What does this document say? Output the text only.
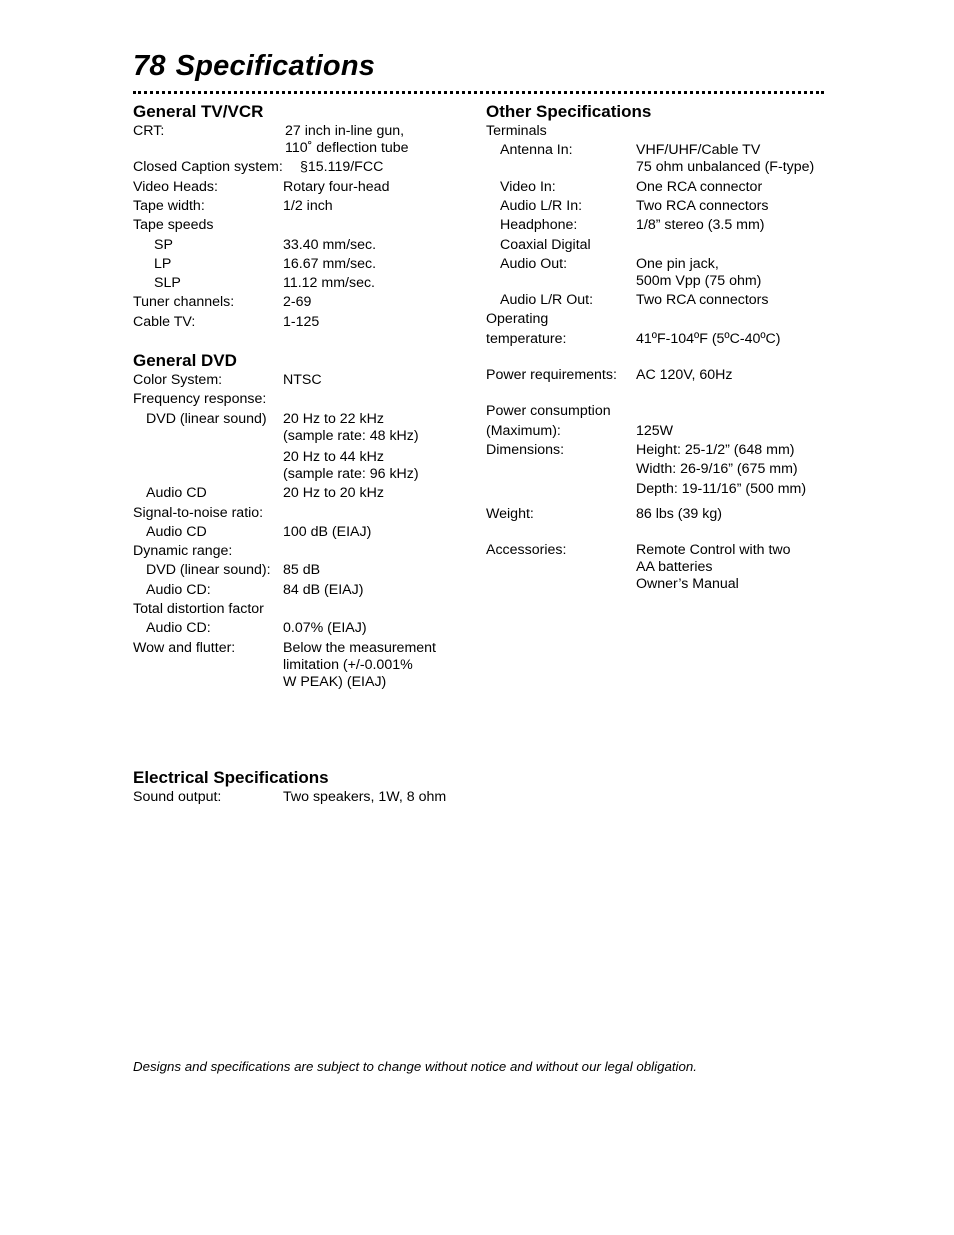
78 Specifications
General TV/VCR
CRT:	27 inch in-line gun,
110˚ deflection tube
Closed Caption system: §15.119/FCC
Video Heads:	Rotary four-head
Tape width:	1/2 inch
Tape speeds
SP	33.40 mm/sec.
LP	16.67 mm/sec.
SLP	11.12 mm/sec.
Tuner channels:	2-69
Cable TV:	1-125
General DVD
Color System:	NTSC
Frequency response:
DVD (linear sound) 20 Hz to 22 kHz
(sample rate: 48 kHz)
20 Hz to 44 kHz
(sample rate: 96 kHz)
Audio CD	20 Hz to 20 kHz
Signal-to-noise ratio:
Audio CD	100 dB (EIAJ)
Dynamic range:
DVD (linear sound): 85 dB
Audio CD:	84 dB (EIAJ)
Total distortion factor
Audio CD:	0.07% (EIAJ)
Wow and flutter:	Below the measurement
limitation (+/-0.001%
W PEAK) (EIAJ)
Electrical Specifications
Sound output:	Two speakers, 1W, 8 ohm
Other Specifications
Terminals
Antenna In:	VHF/UHF/Cable TV
75 ohm unbalanced (F-type)
Video In:	One RCA connector
Audio L/R In:	Two RCA connectors
Headphone:	1/8” stereo (3.5 mm)
Coaxial Digital
Audio Out:	One pin jack,
500m Vpp (75 ohm)
Audio L/R Out:	Two RCA connectors
Operating
temperature:	41ºF-104ºF (5ºC-40ºC)
Power requirements: AC 120V, 60Hz
Power consumption
(Maximum):	125W
Dimensions:	Height: 25-1/2” (648 mm)
Width: 26-9/16” (675 mm)
Depth: 19-11/16” (500 mm)
Weight:	86 lbs (39 kg)
Accessories:	Remote Control with two
AA batteries
Owner’s Manual
Designs and specifications are subject to change without notice and without our legal obligation.
